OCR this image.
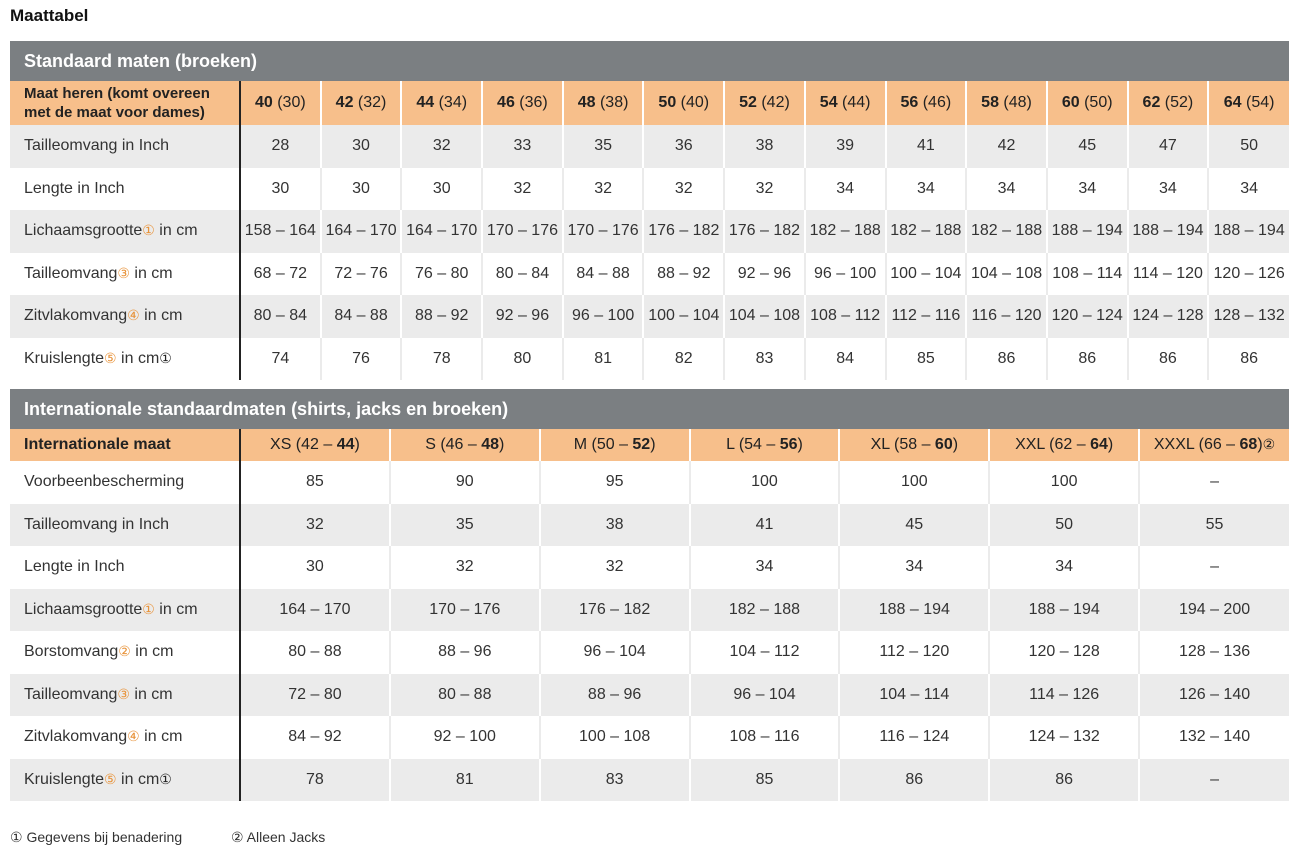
Maattabel
Standaard maten (broeken)
Maat heren (komt overeen
met de maat voor dames)	40 (30)	42 (32)	44 (34)	46 (36)	48 (38)	50 (40)	52 (42)	54 (44)	56 (46)	58 (48)	60 (50)	62 (52)	64 (54)
Tailleomvang in Inch	28	30	32	33	35	36	38	39	41	42	45	47	50
Lengte in Inch	30	30	30	32	32	32	32	34	34	34	34	34	34
Lichaamsgrootte① in cm	158 – 164	164 – 170	164 – 170	170 – 176	170 – 176	176 – 182	176 – 182	182 – 188	182 – 188	182 – 188	188 – 194	188 – 194	188 – 194
Tailleomvang③ in cm	68 – 72	72 – 76	76 – 80	80 – 84	84 – 88	88 – 92	92 – 96	96 – 100	100 – 104	104 – 108	108 – 114	114 – 120	120 – 126
Zitvlakomvang④ in cm	80 – 84	84 – 88	88 – 92	92 – 96	96 – 100	100 – 104	104 – 108	108 – 112	112 – 116	116 – 120	120 – 124	124 – 128	128 – 132
Kruislengte⑤ in cm①	74	76	78	80	81	82	83	84	85	86	86	86	86
Internationale standaardmaten (shirts, jacks en broeken)
Internationale maat	XS (42 – 44)	S (46 – 48)	M (50 – 52)	L (54 – 56)	XL (58 – 60)	XXL (62 – 64)	XXXL (66 – 68)②
Voorbeenbescherming	85	90	95	100	100	100	–
Tailleomvang in Inch	32	35	38	41	45	50	55
Lengte in Inch	30	32	32	34	34	34	–
Lichaamsgrootte① in cm	164 – 170	170 – 176	176 – 182	182 – 188	188 – 194	188 – 194	194 – 200
Borstomvang② in cm	80 – 88	88 – 96	96 – 104	104 – 112	112 – 120	120 – 128	128 – 136
Tailleomvang③ in cm	72 – 80	80 – 88	88 – 96	96 – 104	104 – 114	114 – 126	126 – 140
Zitvlakomvang④ in cm	84 – 92	92 – 100	100 – 108	108 – 116	116 – 124	124 – 132	132 – 140
Kruislengte⑤ in cm①	78	81	83	85	86	86	–
① Gegevens bij benadering	② Alleen Jacks
